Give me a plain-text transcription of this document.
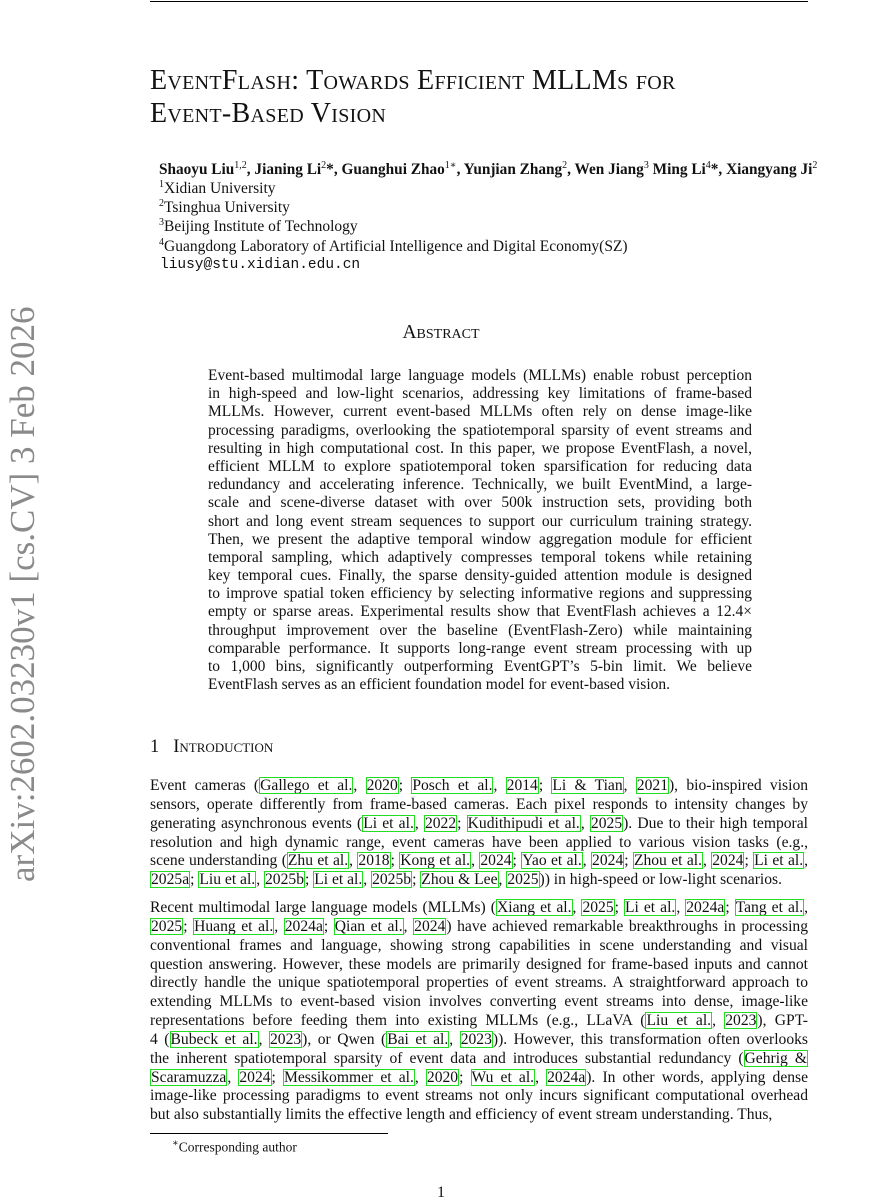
arXiv:2602.03230v1 [cs.CV] 3 Feb 2026
EventFlash: Towards Efficient MLLMs for
Event-Based Vision
Shaoyu Liu$^{1,2}$, Jianing Li$^2$*, Guanghui Zhao$^{1∗}$, Yunjian Zhang$^2$, Wen Jiang$^3$ Ming Li$^4$*, Xiangyang Ji$^2$
$^1$Xidian University
$^2$Tsinghua University
$^3$Beijing Institute of Technology
$^4$Guangdong Laboratory of Artificial Intelligence and Digital Economy(SZ)
liusy@stu.xidian.edu.cn
Abstract
Event-based multimodal large language models (MLLMs) enable robust perception
in high-speed and low-light scenarios, addressing key limitations of frame-based
MLLMs. However, current event-based MLLMs often rely on dense image-like
processing paradigms, overlooking the spatiotemporal sparsity of event streams and
resulting in high computational cost. In this paper, we propose EventFlash, a novel,
efficient MLLM to explore spatiotemporal token sparsification for reducing data
redundancy and accelerating inference. Technically, we built EventMind, a large-
scale and scene-diverse dataset with over 500k instruction sets, providing both
short and long event stream sequences to support our curriculum training strategy.
Then, we present the adaptive temporal window aggregation module for efficient
temporal sampling, which adaptively compresses temporal tokens while retaining
key temporal cues. Finally, the sparse density-guided attention module is designed
to improve spatial token efficiency by selecting informative regions and suppressing
empty or sparse areas. Experimental results show that EventFlash achieves a 12.4×
throughput improvement over the baseline (EventFlash-Zero) while maintaining
comparable performance. It supports long-range event stream processing with up
to 1,000 bins, significantly outperforming EventGPT’s 5-bin limit. We believe
EventFlash serves as an efficient foundation model for event-based vision.
1 Introduction
Event cameras (Gallego et al., 2020; Posch et al., 2014; Li & Tian, 2021), bio-inspired vision
sensors, operate differently from frame-based cameras. Each pixel responds to intensity changes by
generating asynchronous events (Li et al., 2022; Kudithipudi et al., 2025). Due to their high temporal
resolution and high dynamic range, event cameras have been applied to various vision tasks (e.g.,
scene understanding (Zhu et al., 2018; Kong et al., 2024; Yao et al., 2024; Zhou et al., 2024; Li et al.,
2025a; Liu et al., 2025b; Li et al., 2025b; Zhou & Lee, 2025)) in high-speed or low-light scenarios.
Recent multimodal large language models (MLLMs) (Xiang et al., 2025; Li et al., 2024a; Tang et al.,
2025; Huang et al., 2024a; Qian et al., 2024) have achieved remarkable breakthroughs in processing
conventional frames and language, showing strong capabilities in scene understanding and visual
question answering. However, these models are primarily designed for frame-based inputs and cannot
directly handle the unique spatiotemporal properties of event streams. A straightforward approach to
extending MLLMs to event-based vision involves converting event streams into dense, image-like
representations before feeding them into existing MLLMs (e.g., LLaVA (Liu et al., 2023), GPT-
4 (Bubeck et al., 2023), or Qwen (Bai et al., 2023)). However, this transformation often overlooks
the inherent spatiotemporal sparsity of event data and introduces substantial redundancy (Gehrig &
Scaramuzza, 2024; Messikommer et al., 2020; Wu et al., 2024a). In other words, applying dense
image-like processing paradigms to event streams not only incurs significant computational overhead
but also substantially limits the effective length and efficiency of event stream understanding. Thus,
∗Corresponding author
1
